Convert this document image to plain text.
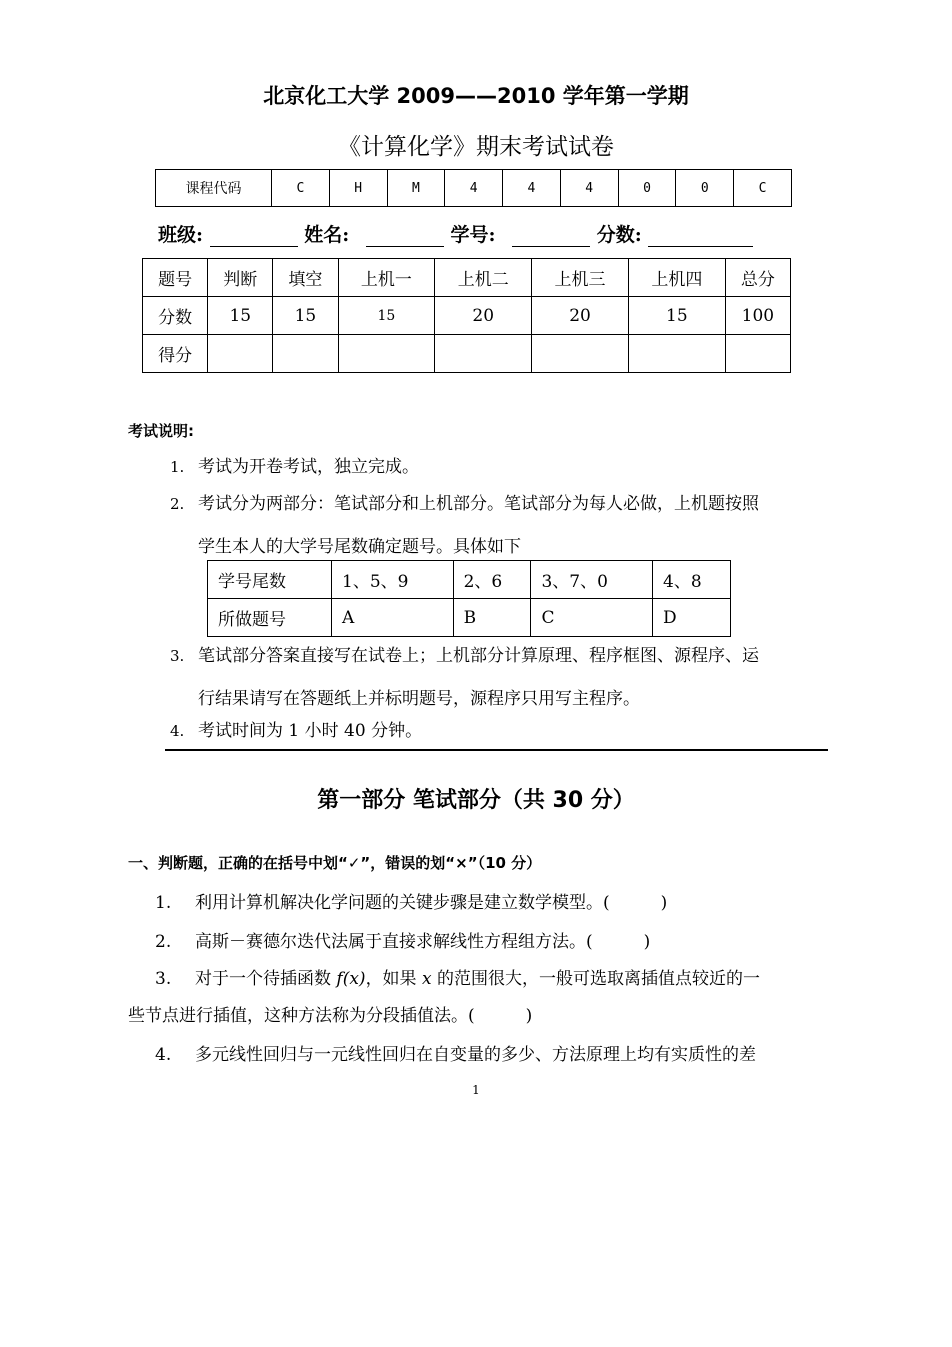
北京化工大学 2009——2010 学年第一学期
《计算化学》期末考试试卷
课程代码	C	H	M	4	4	4	0	0	C
班级:	姓名:	学号:	分数:
题号	判断	填空	上机一	上机二	上机三	上机四	总分
分数	15	15	15	20	20	15	100
得分							
考试说明:
1. 考试为开卷考试，独立完成。
2. 考试分为两部分：笔试部分和上机部分。笔试部分为每人必做，上机题按照
学生本人的大学号尾数确定题号。具体如下
学号尾数	1、5、9	2、6	3、7、0	4、8
所做题号	A	B	C	D
3. 笔试部分答案直接写在试卷上；上机部分计算原理、程序框图、源程序、运
行结果请写在答题纸上并标明题号，源程序只用写主程序。
4. 考试时间为 1 小时 40 分钟。
第一部分 笔试部分（共 30 分）
一、判断题，正确的在括号中划“✓”，错误的划“×”（10 分）
1. 利用计算机解决化学问题的关键步骤是建立数学模型。(　　　)
2. 高斯－赛德尔迭代法属于直接求解线性方程组方法。(　　　)
3. 对于一个待插函数 f(x)，如果 x 的范围很大，一般可选取离插值点较近的一
些节点进行插值，这种方法称为分段插值法。(　　　)
4. 多元线性回归与一元线性回归在自变量的多少、方法原理上均有实质性的差
1
